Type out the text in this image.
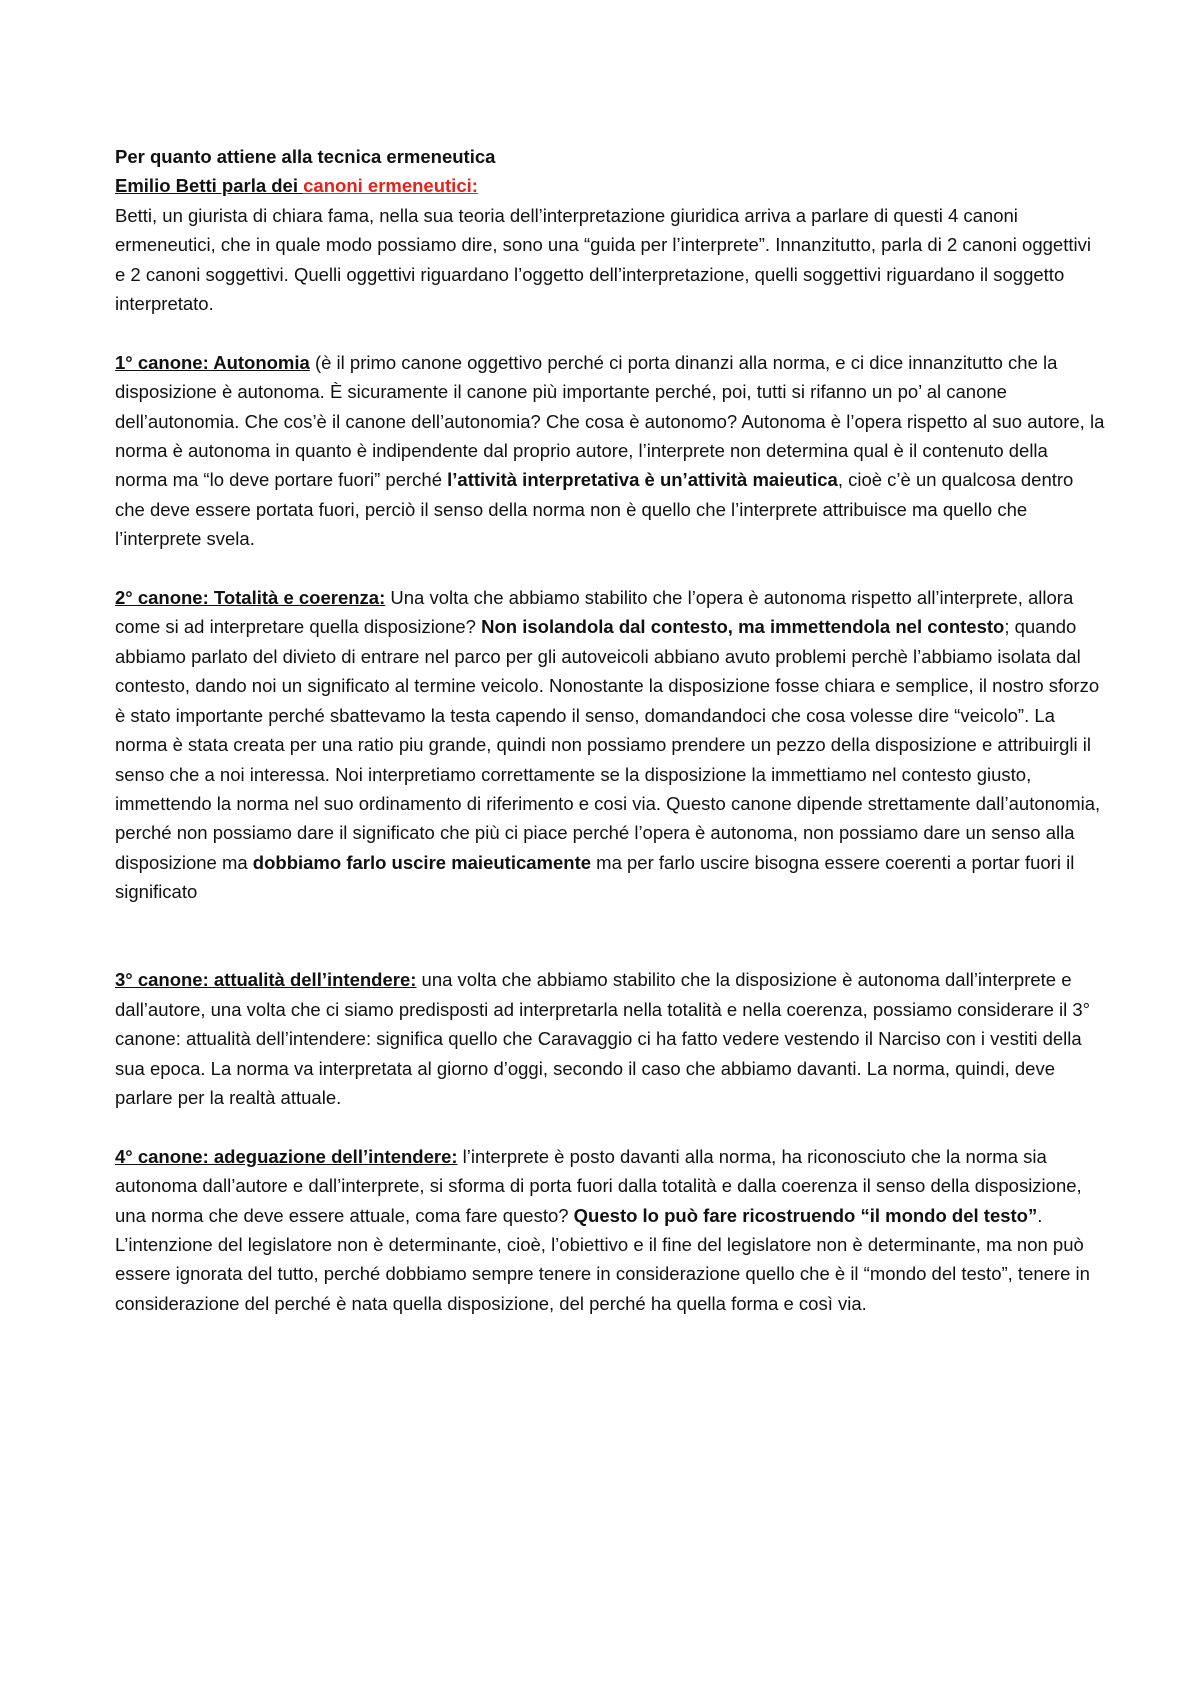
Per quanto attiene alla tecnica ermeneutica

Emilio Betti parla dei canoni ermeneutici:

Betti, un giurista di chiara fama, nella sua teoria dell’interpretazione giuridica arriva a parlare di questi 4 canoni ermeneutici, che in quale modo possiamo dire, sono una “guida per l’interprete”. Innanzitutto, parla di 2 canoni oggettivi e 2 canoni soggettivi. Quelli oggettivi riguardano l’oggetto dell’interpretazione, quelli soggettivi riguardano il soggetto interpretato.

1° canone: Autonomia (è il primo canone oggettivo perché ci porta dinanzi alla norma, e ci dice innanzitutto che la disposizione è autonoma. È sicuramente il canone più importante perché, poi, tutti si rifanno un po’ al canone dell’autonomia. Che cos’è il canone dell’autonomia? Che cosa è autonomo? Autonoma è l’opera rispetto al suo autore, la norma è autonoma in quanto è indipendente dal proprio autore, l’interprete non determina qual è il contenuto della norma ma “lo deve portare fuori” perché l’attività interpretativa è un’attività maieutica, cioè c’è un qualcosa dentro che deve essere portata fuori, perciò il senso della norma non è quello che l’interprete attribuisce ma quello che l’interprete svela.

2° canone: Totalità e coerenza: Una volta che abbiamo stabilito che l’opera è autonoma rispetto all’interprete, allora come si ad interpretare quella disposizione? Non isolandola dal contesto, ma immettendola nel contesto; quando abbiamo parlato del divieto di entrare nel parco per gli autoveicoli abbiano avuto problemi perchè l’abbiamo isolata dal contesto, dando noi un significato al termine veicolo. Nonostante la disposizione fosse chiara e semplice, il nostro sforzo è stato importante perché sbattevamo la testa capendo il senso, domandandoci che cosa volesse dire “veicolo”. La norma è stata creata per una ratio piu grande, quindi non possiamo prendere un pezzo della disposizione e attribuirgli il senso che a noi interessa. Noi interpretiamo correttamente se la disposizione la immettiamo nel contesto giusto, immettendo la norma nel suo ordinamento di riferimento e cosi via. Questo canone dipende strettamente dall’autonomia, perché non possiamo dare il significato che più ci piace perché l’opera è autonoma, non possiamo dare un senso alla disposizione ma dobbiamo farlo uscire maieuticamente ma per farlo uscire bisogna essere coerenti a portar fuori il significato

3° canone: attualità dell’intendere: una volta che abbiamo stabilito che la disposizione è autonoma dall’interprete e dall’autore, una volta che ci siamo predisposti ad interpretarla nella totalità e nella coerenza, possiamo considerare il 3° canone: attualità dell’intendere: significa quello che Caravaggio ci ha fatto vedere vestendo il Narciso con i vestiti della sua epoca. La norma va interpretata al giorno d’oggi, secondo il caso che abbiamo davanti. La norma, quindi, deve parlare per la realtà attuale.

4° canone: adeguazione dell’intendere: l’interprete è posto davanti alla norma, ha riconosciuto che la norma sia autonoma dall’autore e dall’interprete, si sforma di porta fuori dalla totalità e dalla coerenza il senso della disposizione, una norma che deve essere attuale, coma fare questo? Questo lo può fare ricostruendo “il mondo del testo”. L’intenzione del legislatore non è determinante, cioè, l’obiettivo e il fine del legislatore non è determinante, ma non può essere ignorata del tutto, perché dobbiamo sempre tenere in considerazione quello che è il “mondo del testo”, tenere in considerazione del perché è nata quella disposizione, del perché ha quella forma e così via.
